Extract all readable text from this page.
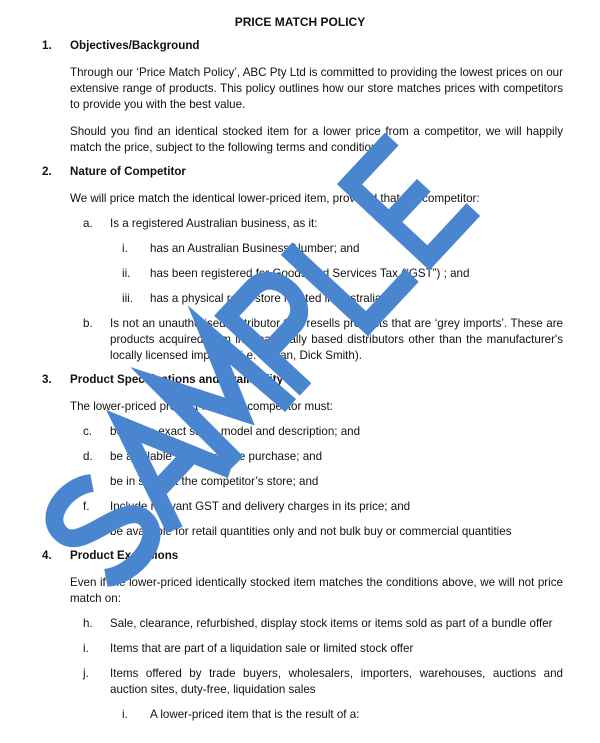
PRICE MATCH POLICY
1. Objectives/Background
Through our ‘Price Match Policy’, ABC Pty Ltd is committed to providing the lowest prices on our extensive range of products. This policy outlines how our store matches prices with competitors to provide you with the best value.
Should you find an identical stocked item for a lower price from a competitor, we will happily match the price, subject to the following terms and conditions.
2. Nature of Competitor
We will price match the identical lower-priced item, provided that the competitor:
a. Is a registered Australian business, as it:
i. has an Australian Business Number; and
ii. has been registered for Goods and Services Tax (“GST”) ; and
iii. has a physical retail store located in Australia
b. Is not an unauthorised distributor that resells products that are ‘grey imports’. These are products acquired from internationally based distributors other than the manufacturer's locally licensed importer (i.e. Kogan, Dick Smith).
3. Product Specifications and Availability
The lower-priced product from the competitor must:
c. be of the exact same model and description; and
d. be available for immediate purchase; and
e. be in stock at the competitor’s store; and
f. Include relevant GST and delivery charges in its price; and
g. be available for retail quantities only and not bulk buy or commercial quantities
4. Product Exclusions
Even if the lower-priced identically stocked item matches the conditions above, we will not price match on:
h. Sale, clearance, refurbished, display stock items or items sold as part of a bundle offer
i. Items that are part of a liquidation sale or limited stock offer
j. Items offered by trade buyers, wholesalers, importers, warehouses, auctions and auction sites, duty-free, liquidation sales
i. A lower-priced item that is the result of a:
